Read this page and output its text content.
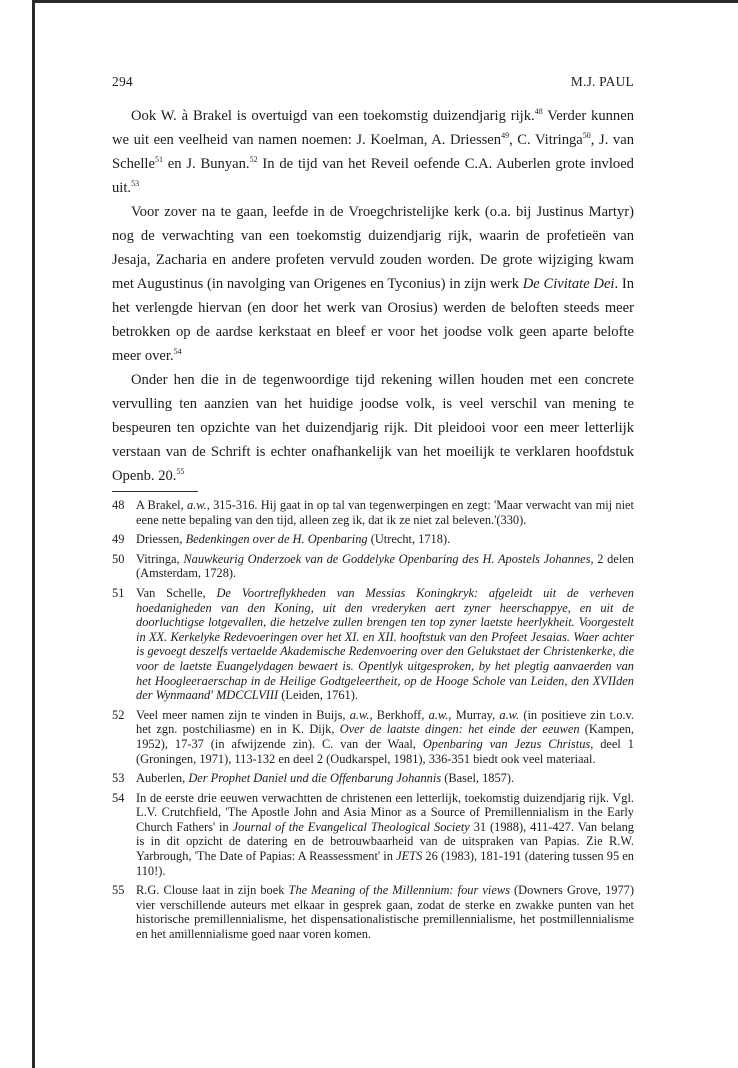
294	M.J. PAUL

Ook W. à Brakel is overtuigd van een toekomstig duizendjarig rijk.$^{48}$ Verder kunnen we uit een veelheid van namen noemen: J. Koelman, A. Driessen$^{49}$, C. Vitringa$^{50}$, J. van Schelle$^{51}$ en J. Bunyan.$^{52}$ In de tijd van het Reveil oefende C.A. Auberlen grote invloed uit.$^{53}$

Voor zover na te gaan, leefde in de Vroegchristelijke kerk (o.a. bij Justinus Martyr) nog de verwachting van een toekomstig duizendjarig rijk, waarin de profetieën van Jesaja, Zacharia en andere profeten vervuld zouden worden. De grote wijziging kwam met Augustinus (in navolging van Origenes en Tyconius) in zijn werk De Civitate Dei. In het verlengde hiervan (en door het werk van Orosius) werden de beloften steeds meer betrokken op de aardse kerkstaat en bleef er voor het joodse volk geen aparte belofte meer over.$^{54}$

Onder hen die in de tegenwoordige tijd rekening willen houden met een concrete vervulling ten aanzien van het huidige joodse volk, is veel verschil van mening te bespeuren ten opzichte van het duizendjarig rijk. Dit pleidooi voor een meer letterlijk verstaan van de Schrift is echter onafhankelijk van het moeilijk te verklaren hoofdstuk Openb. 20.55

48 A Brakel, a.w., 315-316. Hij gaat in op tal van tegenwerpingen en zegt: 'Maar verwacht van mij niet eene nette bepaling van den tijd, alleen zeg ik, dat ik ze niet zal beleven.'(330).
49 Driessen, Bedenkingen over de H. Openbaring (Utrecht, 1718).
50 Vitringa, Nauwkeurig Onderzoek van de Goddelyke Openbaring des H. Apostels Johannes, 2 delen (Amsterdam, 1728).
51 Van Schelle, De Voortreflykheden van Messias Koningkryk: afgeleidt uit de verheven hoedanigheden van den Koning, uit den vrederyken aert zyner heerschappye, en uit de doorluchtigse lotgevallen, die hetzelve zullen brengen ten top zyner laetste heerlykheit. Voorgestelt in XX. Kerkelyke Redevoeringen over het XI. en XII. hooftstuk van den Profeet Jesaias. Waer achter is gevoegt deszelfs vertaelde Akademische Redenvoering over den Gelukstaet der Christenkerke, die voor de laetste Euangelydagen bewaert is. Opentlyk uitgesproken, by het plegtig aanvaerden van het Hoogleeraerschap in de Heilige Godtgeleertheit, op de Hooge Schole van Leiden, den XVIIden der Wynmaand' MDCCLVIII (Leiden, 1761).
52 Veel meer namen zijn te vinden in Buijs, a.w., Berkhoff, a.w., Murray, a.w. (in positieve zin t.o.v. het zgn. postchiliasme) en in K. Dijk, Over de laatste dingen: het einde der eeuwen (Kampen, 1952), 17-37 (in afwijzende zin). C. van der Waal, Openbaring van Jezus Christus, deel 1 (Groningen, 1971), 113-132 en deel 2 (Oudkarspel, 1981), 336-351 biedt ook veel materiaal.
53 Auberlen, Der Prophet Daniel und die Offenbarung Johannis (Basel, 1857).
54 In de eerste drie eeuwen verwachtten de christenen een letterlijk, toekomstig duizendjarig rijk. Vgl. L.V. Crutchfield, 'The Apostle John and Asia Minor as a Source of Premillennialism in the Early Church Fathers' in Journal of the Evangelical Theological Society 31 (1988), 411-427. Van belang is in dit opzicht de datering en de betrouwbaarheid van de uitspraken van Papias. Zie R.W. Yarbrough, 'The Date of Papias: A Reassessment' in JETS 26 (1983), 181-191 (datering tussen 95 en 110!).
55 R.G. Clouse laat in zijn boek The Meaning of the Millennium: four views (Downers Grove, 1977) vier verschillende auteurs met elkaar in gesprek gaan, zodat de sterke en zwakke punten van het historische premillennialisme, het dispensationalistische premillennialisme, het postmillennialisme en het amillennialisme goed naar voren komen.
